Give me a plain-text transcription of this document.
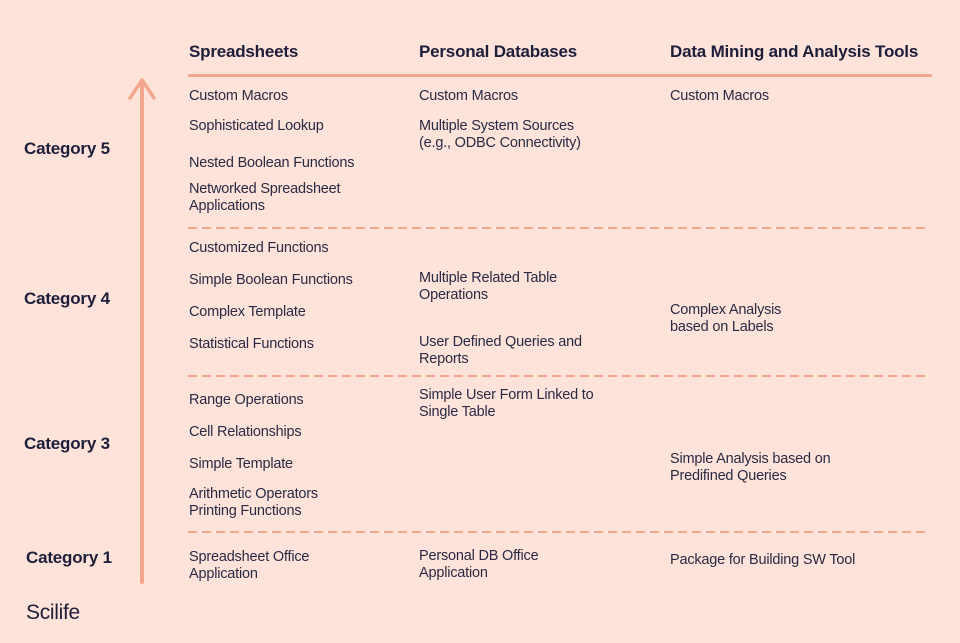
Spreadsheets	Personal Databases	Data Mining and Analysis Tools
Category 5
Category 4
Category 3
Category 1
Custom Macros
Sophisticated Lookup
Nested Boolean Functions
Networked Spreadsheet Applications
Custom Macros
Multiple System Sources (e.g., ODBC Connectivity)
Custom Macros
Customized Functions
Simple Boolean Functions
Complex Template
Statistical Functions
Multiple Related Table Operations
User Defined Queries and Reports
Complex Analysis based on Labels
Range Operations
Cell Relationships
Simple Template
Arithmetic Operators Printing Functions
Simple User Form Linked to Single Table
Simple Analysis based on Predifined Queries
Spreadsheet Office Application
Personal DB Office Application
Package for Building SW Tool
Scilife
